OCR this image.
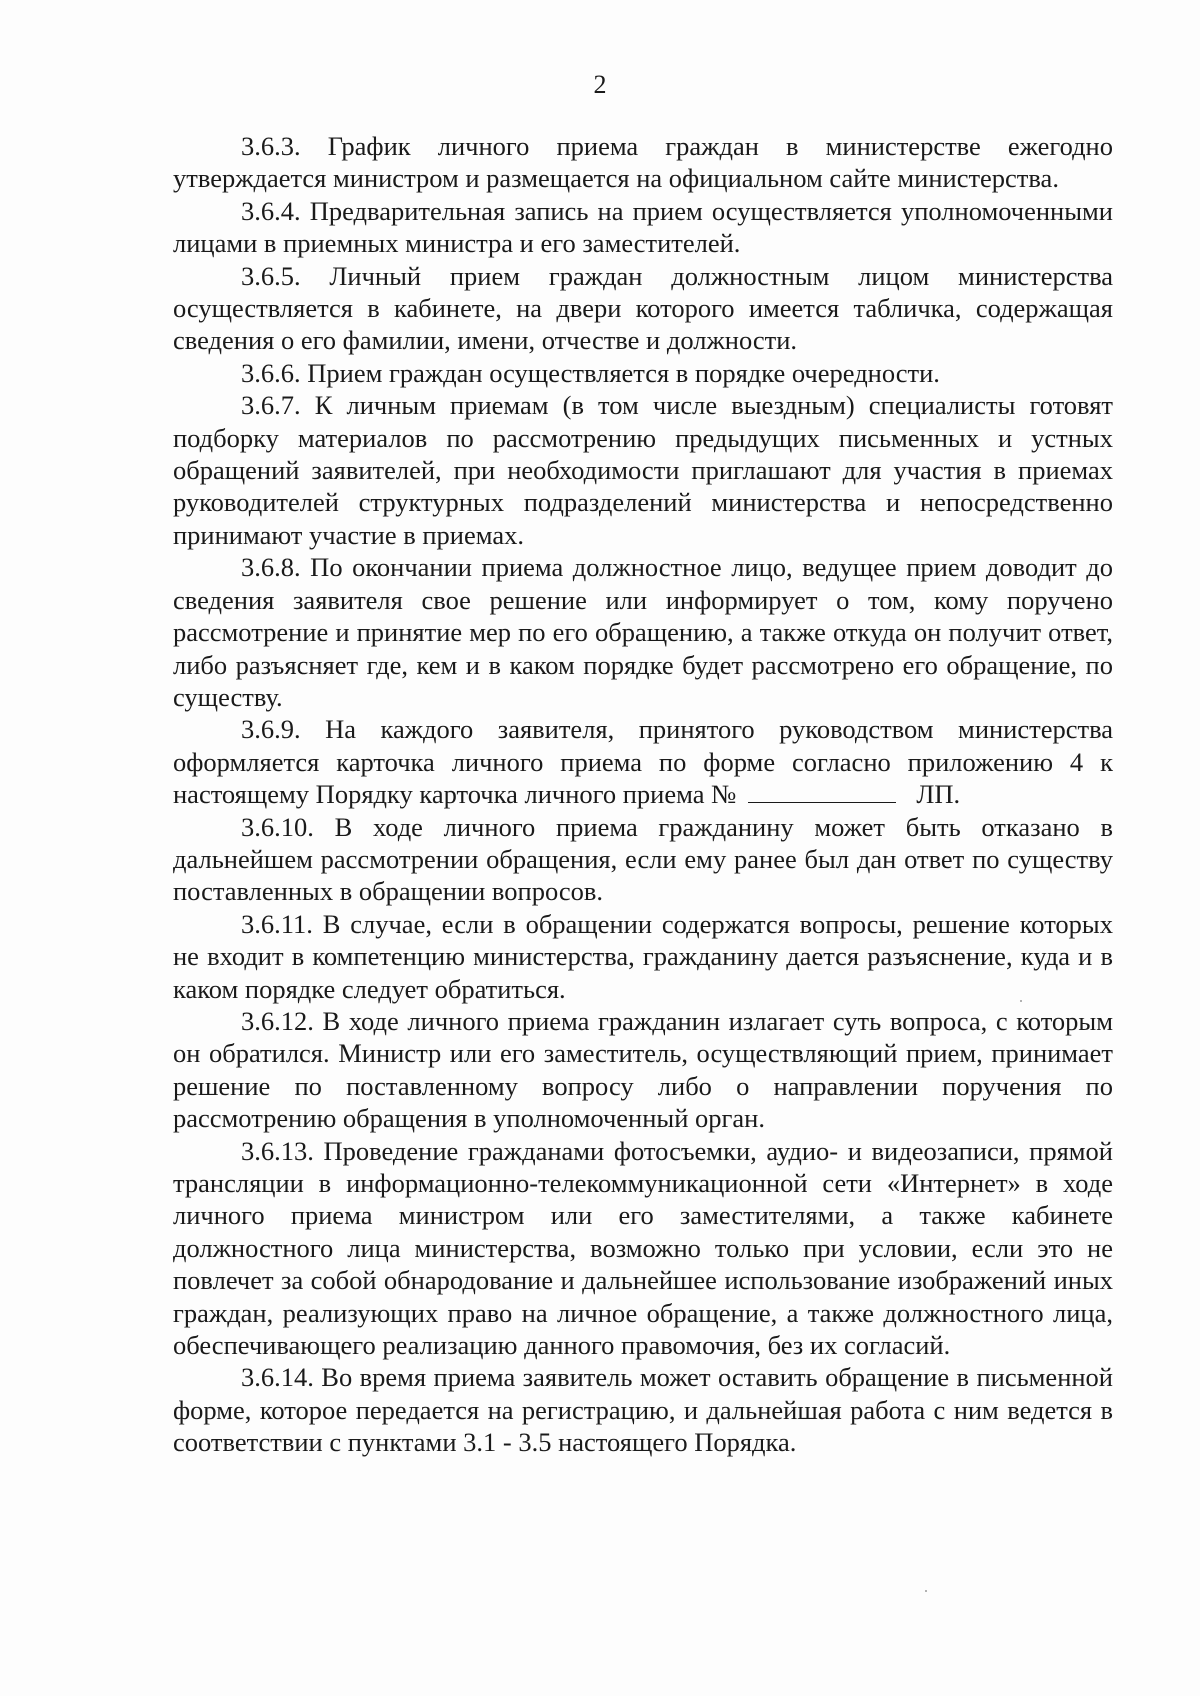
2

3.6.3. График личного приема граждан в министерстве ежегодно утверждается министром и размещается на официальном сайте министерства.

3.6.4. Предварительная запись на прием осуществляется уполномоченными лицами в приемных министра и его заместителей.

3.6.5. Личный прием граждан должностным лицом министерства осуществляется в кабинете, на двери которого имеется табличка, содержащая сведения о его фамилии, имени, отчестве и должности.

3.6.6. Прием граждан осуществляется в порядке очередности.

3.6.7. К личным приемам (в том числе выездным) специалисты готовят подборку материалов по рассмотрению предыдущих письменных и устных обращений заявителей, при необходимости приглашают для участия в приемах руководителей структурных подразделений министерства и непосредственно принимают участие в приемах.

3.6.8. По окончании приема должностное лицо, ведущее прием доводит до сведения заявителя свое решение или информирует о том, кому поручено рассмотрение и принятие мер по его обращению, а также откуда он получит ответ, либо разъясняет где, кем и в каком порядке будет рассмотрено его обращение, по существу.

3.6.9. На каждого заявителя, принятого руководством министерства оформляется карточка личного приема по форме согласно приложению 4 к настоящему Порядку карточка личного приема №	ЛП.

3.6.10. В ходе личного приема гражданину может быть отказано в дальнейшем рассмотрении обращения, если ему ранее был дан ответ по существу поставленных в обращении вопросов.

3.6.11. В случае, если в обращении содержатся вопросы, решение которых не входит в компетенцию министерства, гражданину дается разъяснение, куда и в каком порядке следует обратиться.

3.6.12. В ходе личного приема гражданин излагает суть вопроса, с которым он обратился. Министр или его заместитель, осуществляющий прием, принимает решение по поставленному вопросу либо о направлении поручения по рассмотрению обращения в уполномоченный орган.

3.6.13. Проведение гражданами фотосъемки, аудио- и видеозаписи, прямой трансляции в информационно-телекоммуникационной сети «Интернет» в ходе личного приема министром или его заместителями, а также кабинете должностного лица министерства, возможно только при условии, если это не повлечет за собой обнародование и дальнейшее использование изображений иных граждан, реализующих право на личное обращение, а также должностного лица, обеспечивающего реализацию данного правомочия, без их согласий.

3.6.14. Во время приема заявитель может оставить обращение в письменной форме, которое передается на регистрацию, и дальнейшая работа с ним ведется в соответствии с пунктами 3.1 - 3.5 настоящего Порядка.
